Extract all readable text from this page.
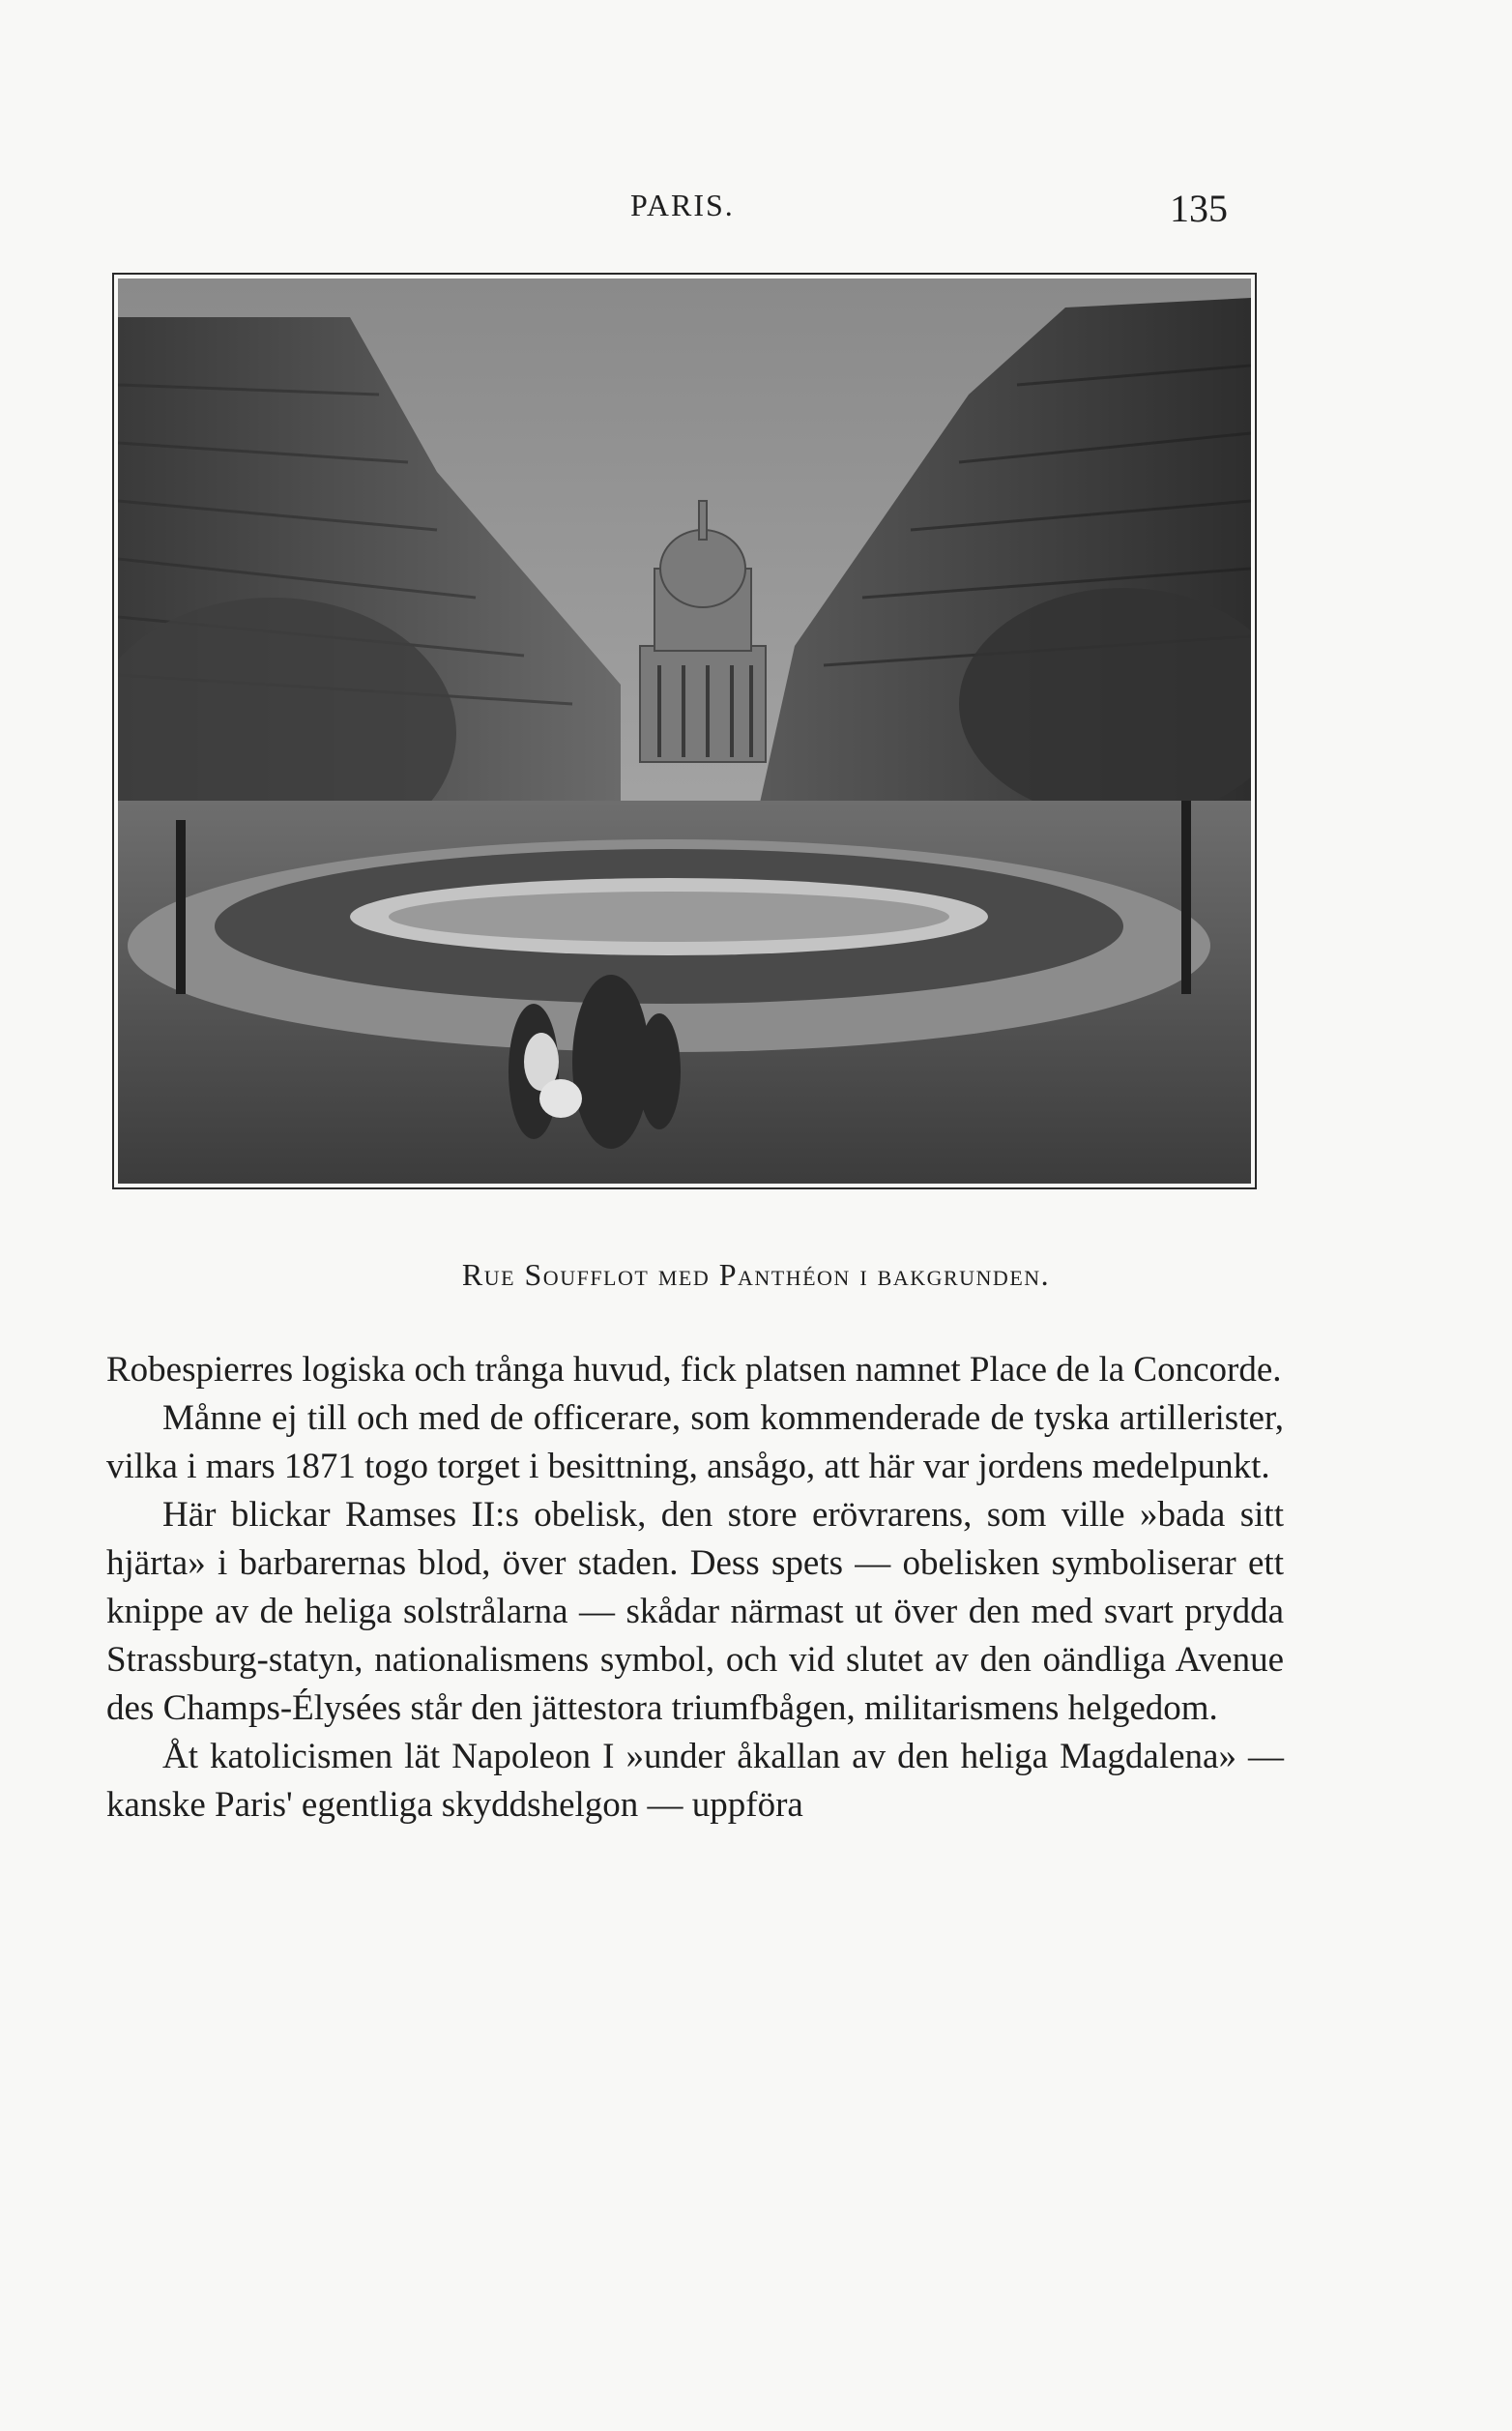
PARIS.	135
Rue Soufflot med Panthéon i bakgrunden.

Robespierres logiska och trånga huvud, fick platsen namnet Place de la Concorde.

Månne ej till och med de officerare, som kommenderade de tyska artillerister, vilka i mars 1871 togo torget i besittning, ansågo, att här var jordens medelpunkt.

Här blickar Ramses II:s obelisk, den store erövrarens, som ville »bada sitt hjärta» i barbarernas blod, över staden. Dess spets — obelisken symboliserar ett knippe av de heliga solstrålarna — skådar närmast ut över den med svart prydda Strassburg-statyn, nationalismens symbol, och vid slutet av den oändliga Avenue des Champs-Élysées står den jättestora triumfbågen, militarismens helgedom.

Åt katolicismen lät Napoleon I »under åkallan av den heliga Magdalena» — kanske Paris' egentliga skyddshelgon — uppföra
